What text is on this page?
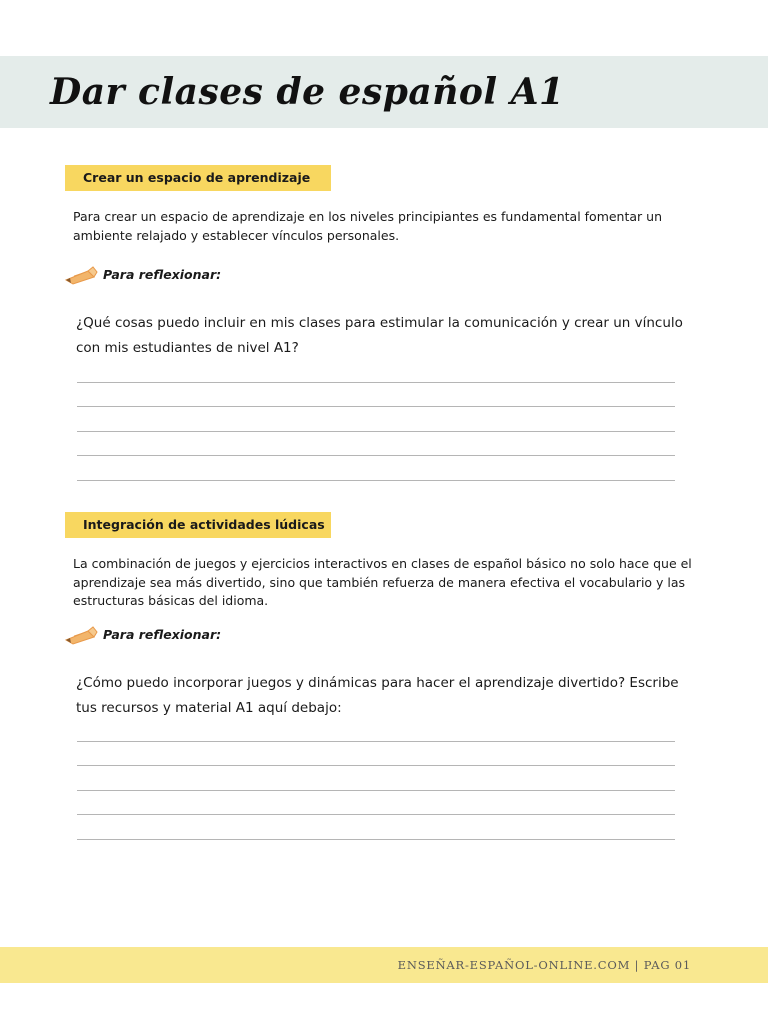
Dar clases de español A1
Crear un espacio de aprendizaje

Para crear un espacio de aprendizaje en los niveles principiantes es fundamental fomentar un ambiente relajado y establecer vínculos personales.

Para reflexionar:

¿Qué cosas puedo incluir en mis clases para estimular la comunicación y crear un vínculo con mis estudiantes de nivel A1?

Integración de actividades lúdicas

La combinación de juegos y ejercicios interactivos en clases de español básico no solo hace que el aprendizaje sea más divertido, sino que también refuerza de manera efectiva el vocabulario y las estructuras básicas del idioma.

Para reflexionar:

¿Cómo puedo incorporar juegos y dinámicas para hacer el aprendizaje divertido? Escribe tus recursos y material A1 aquí debajo:

ENSEÑAR-ESPAÑOL-ONLINE.COM | PAG 01
